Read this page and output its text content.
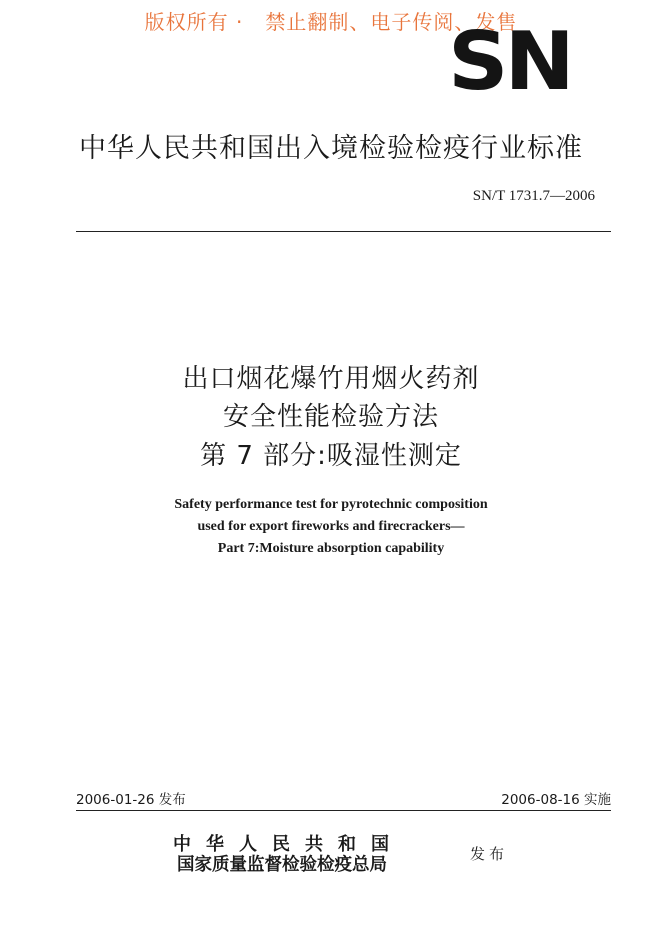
版权所有 ·   禁止翻制、电子传阅、发售
SN
中华人民共和国出入境检验检疫行业标准
SN/T 1731.7—2006
出口烟花爆竹用烟火药剂
安全性能检验方法
第 7 部分:吸湿性测定
Safety performance test for pyrotechnic composition
used for export fireworks and firecrackers—
Part 7:Moisture absorption capability
2006-01-26 发布	2006-08-16 实施
中华人民共和国
国家质量监督检验检疫总局
发布
